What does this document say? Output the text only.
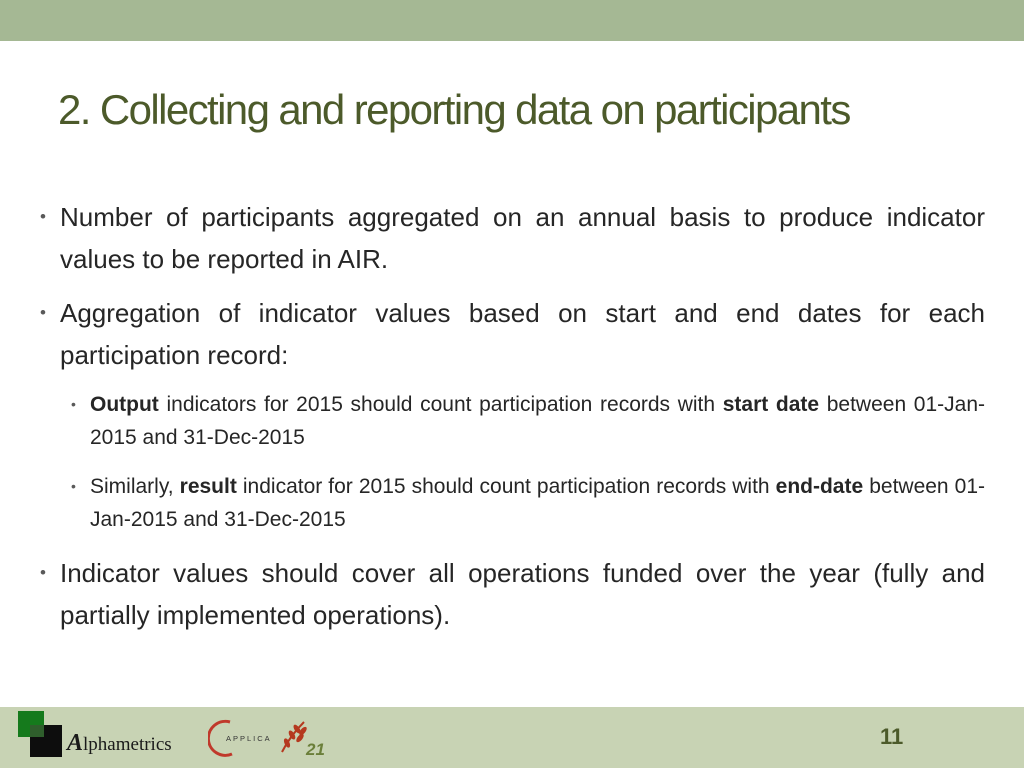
2. Collecting and reporting data on participants

• Number of participants aggregated on an annual basis to produce indicator values to be reported in AIR.

• Aggregation of indicator values based on start and end dates for each participation record:

• Output indicators for 2015 should count participation records with start date between 01-Jan-2015 and 31-Dec-2015

• Similarly, result indicator for 2015 should count participation records with end-date between 01-Jan-2015 and 31-Dec-2015

• Indicator values should cover all operations funded over the year (fully and partially implemented operations).

Alphametrics	APPLICA
21
11
